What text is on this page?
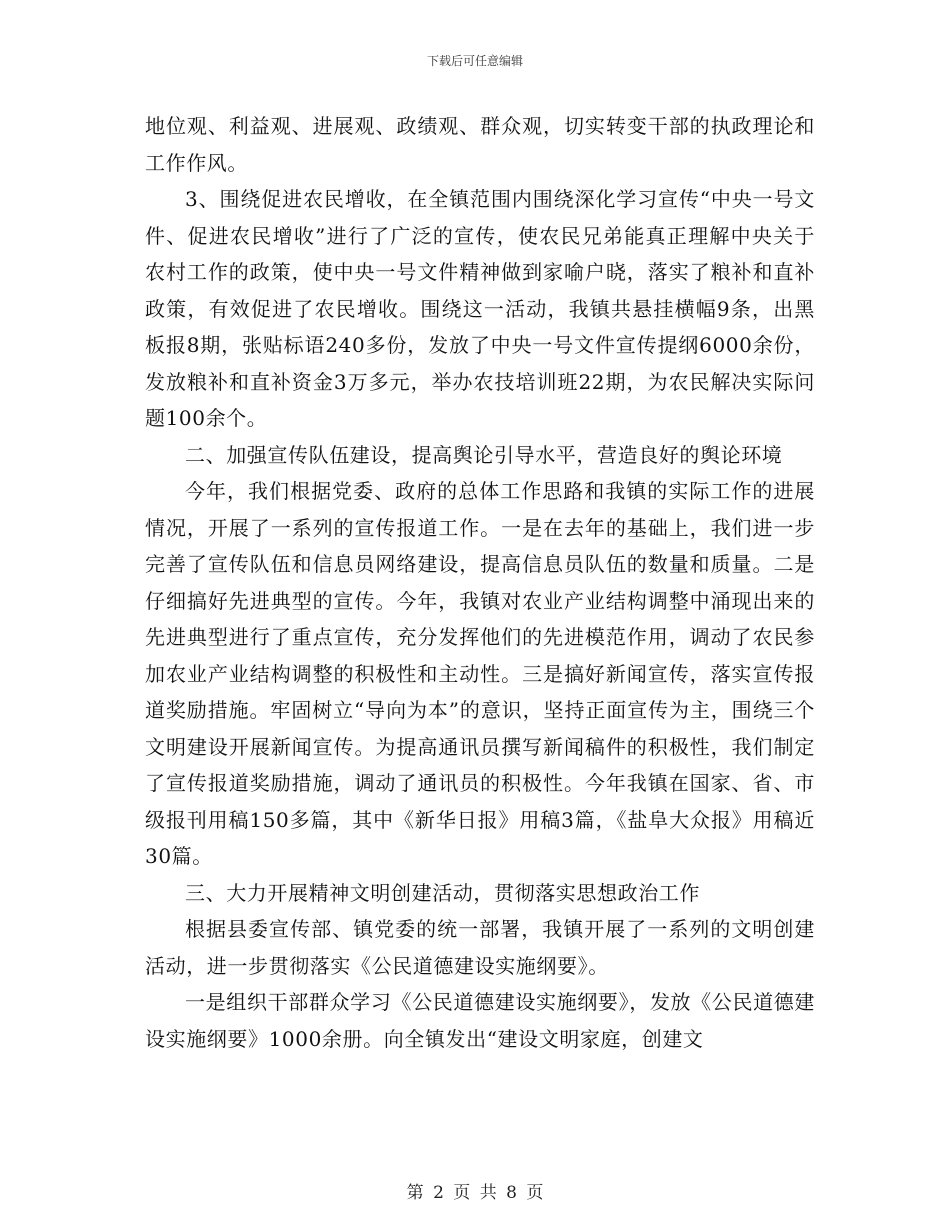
下载后可任意编辑

地位观、利益观、进展观、政绩观、群众观，切实转变干部的执政理论和工作作风。

3、围绕促进农民增收，在全镇范围内围绕深化学习宣传“中央一号文件、促进农民增收”进行了广泛的宣传，使农民兄弟能真正理解中央关于农村工作的政策，使中央一号文件精神做到家喻户晓，落实了粮补和直补政策，有效促进了农民增收。围绕这一活动，我镇共悬挂横幅9条，出黑板报8期，张贴标语240多份，发放了中央一号文件宣传提纲6000余份，发放粮补和直补资金3万多元，举办农技培训班22期，为农民解决实际问题100余个。

二、加强宣传队伍建设，提高舆论引导水平，营造良好的舆论环境

今年，我们根据党委、政府的总体工作思路和我镇的实际工作的进展情况，开展了一系列的宣传报道工作。一是在去年的基础上，我们进一步完善了宣传队伍和信息员网络建设，提高信息员队伍的数量和质量。二是仔细搞好先进典型的宣传。今年，我镇对农业产业结构调整中涌现出来的先进典型进行了重点宣传，充分发挥他们的先进模范作用，调动了农民参加农业产业结构调整的积极性和主动性。三是搞好新闻宣传，落实宣传报道奖励措施。牢固树立“导向为本”的意识，坚持正面宣传为主，围绕三个文明建设开展新闻宣传。为提高通讯员撰写新闻稿件的积极性，我们制定了宣传报道奖励措施，调动了通讯员的积极性。今年我镇在国家、省、市级报刊用稿150多篇，其中《新华日报》用稿3篇，《盐阜大众报》用稿近30篇。

三、大力开展精神文明创建活动，贯彻落实思想政治工作

根据县委宣传部、镇党委的统一部署，我镇开展了一系列的文明创建活动，进一步贯彻落实《公民道德建设实施纲要》。

一是组织干部群众学习《公民道德建设实施纲要》，发放《公民道德建设实施纲要》1000余册。向全镇发出“建设文明家庭，创建文

第 2 页 共 8 页
